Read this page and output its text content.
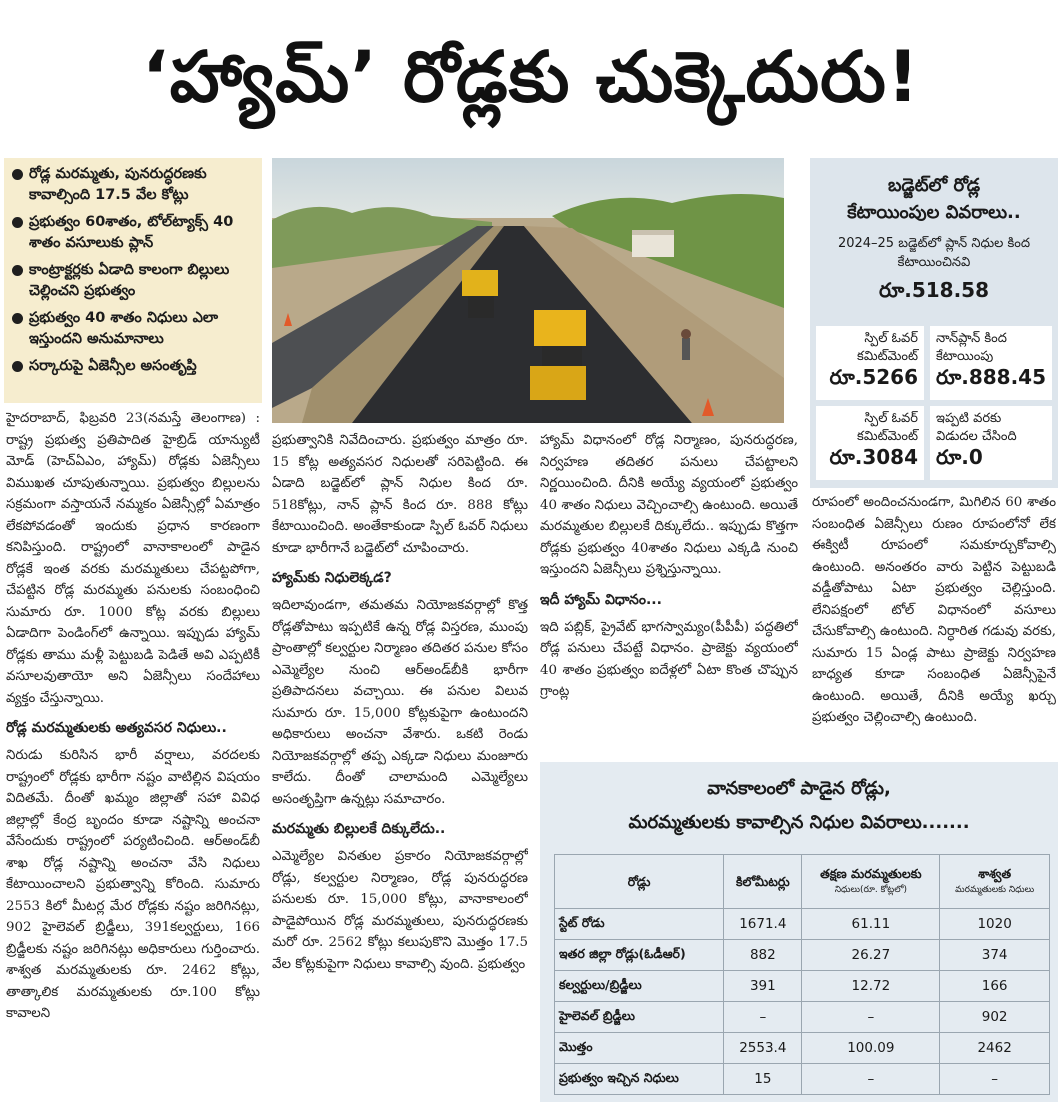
‘హ్యామ్’ రోడ్లకు చుక్కెదురు!
రోడ్ల మరమ్మతు, పునరుద్ధరణకు కావాల్సింది 17.5 వేల కోట్లు
ప్రభుత్వం 60శాతం, టోల్‌ట్యాక్స్ 40 శాతం వసూలుకు ప్లాన్
కాంట్రాక్టర్లకు ఏడాది కాలంగా బిల్లులు చెల్లించని ప్రభుత్వం
ప్రభుత్వం 40 శాతం నిధులు ఎలా ఇస్తుందని అనుమానాలు
సర్కారుపై ఏజెన్సీల అసంతృప్తి
బడ్జెట్‌లో రోడ్ల
కేటాయింపుల వివరాలు..
2024–25 బడ్జెట్‌లో ప్లాన్ నిధుల కింద కేటాయించినవి
రూ.518.58
స్పిల్ ఓవర్ కమిట్‌మెంట్
రూ.5266
నాన్‌ప్లాన్ కింద కేటాయింపు
రూ.888.45
స్పిల్ ఓవర్ కమిట్‌మెంట్
రూ.3084
ఇప్పటి వరకు విడుదల చేసింది
రూ.0

హైదరాబాద్, ఫిబ్రవరి 23(నమస్తే తెలంగాణ) : రాష్ట్ర ప్రభుత్వ ప్రతిపాదిత హైబ్రిడ్ యాన్యుటీ మోడ్ (హెచ్ఏఎం, హ్యామ్) రోడ్లకు ఏజెన్సీలు విముఖత చూపుతున్నాయి. ప్రభుత్వం బిల్లులను సక్రమంగా వస్తాయనే నమ్మకం ఏజెన్సీల్లో ఏమాత్రం లేకపోవడంతో ఇందుకు ప్రధాన కారణంగా కనిపిస్తుంది. రాష్ట్రంలో వానాకాలంలో పాడైన రోడ్లకే ఇంత వరకు మరమ్మతులు చేపట్టపోగా, చేపట్టిన రోడ్ల మరమ్మతు పనులకు సంబంధించి సుమారు రూ. 1000 కోట్ల వరకు బిల్లులు ఏడాదిగా పెండింగ్‌లో ఉన్నాయి. ఇప్పుడు హ్యామ్ రోడ్లకు తాము మళ్లీ పెట్టుబడి పెడితే అవి ఎప్పటికీ వసూలవుతాయో అని ఏజెన్సీలు సందేహాలు వ్యక్తం చేస్తున్నాయి.

రోడ్ల మరమ్మతులకు అత్యవసర నిధులు..

నిరుడు కురిసిన భారీ వర్షాలు, వరదలకు రాష్ట్రంలో రోడ్లకు భారీగా నష్టం వాటిల్లిన విషయం విదితమే. దీంతో ఖమ్మం జిల్లాతో సహా వివిధ జిల్లాల్లో కేంద్ర బృందం కూడా నష్టాన్ని అంచనా వేసేందుకు రాష్ట్రంలో పర్యటించింది. ఆర్అండ్‌బీ శాఖ రోడ్ల నష్టాన్ని అంచనా వేసి నిధులు కేటాయించాలని ప్రభుత్వాన్ని కోరింది. సుమారు 2553 కిలో మీటర్ల మేర రోడ్లకు నష్టం జరిగినట్లు, 902 హైలెవల్ బ్రిడ్జీలు, 391కల్వర్టులు, 166 బ్రిడ్జీలకు నష్టం జరిగినట్లు అధికారులు గుర్తించారు. శాశ్వత మరమ్మతులకు రూ. 2462 కోట్లు, తాత్కాలిక మరమ్మతులకు రూ.100 కోట్లు కావాలని

ప్రభుత్వానికి నివేదించారు. ప్రభుత్వం మాత్రం రూ. 15 కోట్ల అత్యవసర నిధులతో సరిపెట్టింది. ఈ ఏడాది బడ్జెట్‌లో ప్లాన్ నిధుల కింద రూ. 518కోట్లు, నాన్ ప్లాన్ కింద రూ. 888 కోట్లు కేటాయించింది. అంతేకాకుండా స్పిల్ ఓవర్ నిధులు కూడా భారీగానే బడ్జెట్‌లో చూపించారు.

హ్యామ్‌కు నిధులెక్కడ?

ఇదిలావుండగా, తమతమ నియోజకవర్గాల్లో కొత్త రోడ్లతోపాటు ఇప్పటికే ఉన్న రోడ్ల విస్తరణ, ముంపు ప్రాంతాల్లో కల్వర్టుల నిర్మాణం తదితర పనుల కోసం ఎమ్మెల్యేల నుంచి ఆర్అండ్‌బీకి భారీగా ప్రతిపాదనలు వచ్చాయి. ఈ పనుల విలువ సుమారు రూ. 15,000 కోట్లకుపైగా ఉంటుందని అధికారులు అంచనా వేశారు. ఒకటి రెండు నియోజకవర్గాల్లో తప్ప ఎక్కడా నిధులు మంజూరు కాలేదు. దీంతో చాలామంది ఎమ్మెల్యేలు అసంతృప్తిగా ఉన్నట్లు సమాచారం.

మరమ్మతు బిల్లులకే దిక్కులేదు..

ఎమ్మెల్యేల వినతుల ప్రకారం నియోజకవర్గాల్లో రోడ్లు, కల్వర్టుల నిర్మాణం, రోడ్ల పునరుద్ధరణ పనులకు రూ. 15,000 కోట్లు, వానాకాలంలో పాడైపోయిన రోడ్ల మరమ్మతులు, పునరుద్ధరణకు మరో రూ. 2562 కోట్లు కలుపుకొని మొత్తం 17.5 వేల కోట్లకుపైగా నిధులు కావాల్సి వుంది. ప్రభుత్వం

హ్యామ్ విధానంలో రోడ్ల నిర్మాణం, పునరుద్ధరణ, నిర్వహణ తదితర పనులు చేపట్టాలని నిర్ణయించింది. దీనికి అయ్యే వ్యయంలో ప్రభుత్వం 40 శాతం నిధులు వెచ్చించాల్సి ఉంటుంది. అయితే మరమ్మతుల బిల్లులకే దిక్కులేదు.. ఇప్పుడు కొత్తగా రోడ్లకు ప్రభుత్వం 40శాతం నిధులు ఎక్కడి నుంచి ఇస్తుందని ఏజెన్సీలు ప్రశ్నిస్తున్నాయి.

ఇదీ హ్యామ్ విధానం...

ఇది పబ్లిక్, ప్రైవేట్ భాగస్వామ్యం(పీపీపీ) పద్ధతిలో రోడ్ల పనులు చేపట్టే విధానం. ప్రాజెక్టు వ్యయంలో 40 శాతం ప్రభుత్వం ఐదేళ్లలో ఏటా కొంత చొప్పున గ్రాంట్ల

రూపంలో అందించనుండగా, మిగిలిన 60 శాతం సంబంధిత ఏజెన్సీలు రుణం రూపంలోనో లేక ఈక్విటీ రూపంలో సమకూర్చుకోవాల్సి ఉంటుంది. అనంతరం వారు పెట్టిన పెట్టుబడి వడ్డీతోపాటు ఏటా ప్రభుత్వం చెల్లిస్తుంది. లేనిపక్షంలో టోల్ విధానంలో వసూలు చేసుకోవాల్సి ఉంటుంది. నిర్ధారిత గడువు వరకు, సుమారు 15 ఏండ్ల పాటు ప్రాజెక్టు నిర్వహణ బాధ్యత కూడా సంబంధిత ఏజెన్సీపైనే ఉంటుంది. అయితే, దీనికి అయ్యే ఖర్చు ప్రభుత్వం చెల్లించాల్సి ఉంటుంది.

వానకాలంలో పాడైన రోడ్లు,
మరమ్మతులకు కావాల్సిన నిధుల వివరాలు.......
రోడ్లు	కిలోమీటర్లు	తక్షణ మరమ్మతులకు
నిధులు(రూ. కోట్లలో)	శాశ్వత
మరమ్మతులకు నిధులు

స్టేట్ రోడు	1671.4	61.11	1020
ఇతర జిల్లా రోడ్లు(ఓడీఆర్)	882	26.27	374
కల్వర్టులు/బ్రిడ్జీలు	391	12.72	166
హైలెవల్ బ్రిడ్జీలు	–	–	902
మొత్తం	2553.4	100.09	2462
ప్రభుత్వం ఇచ్చిన నిధులు	15	–	–
